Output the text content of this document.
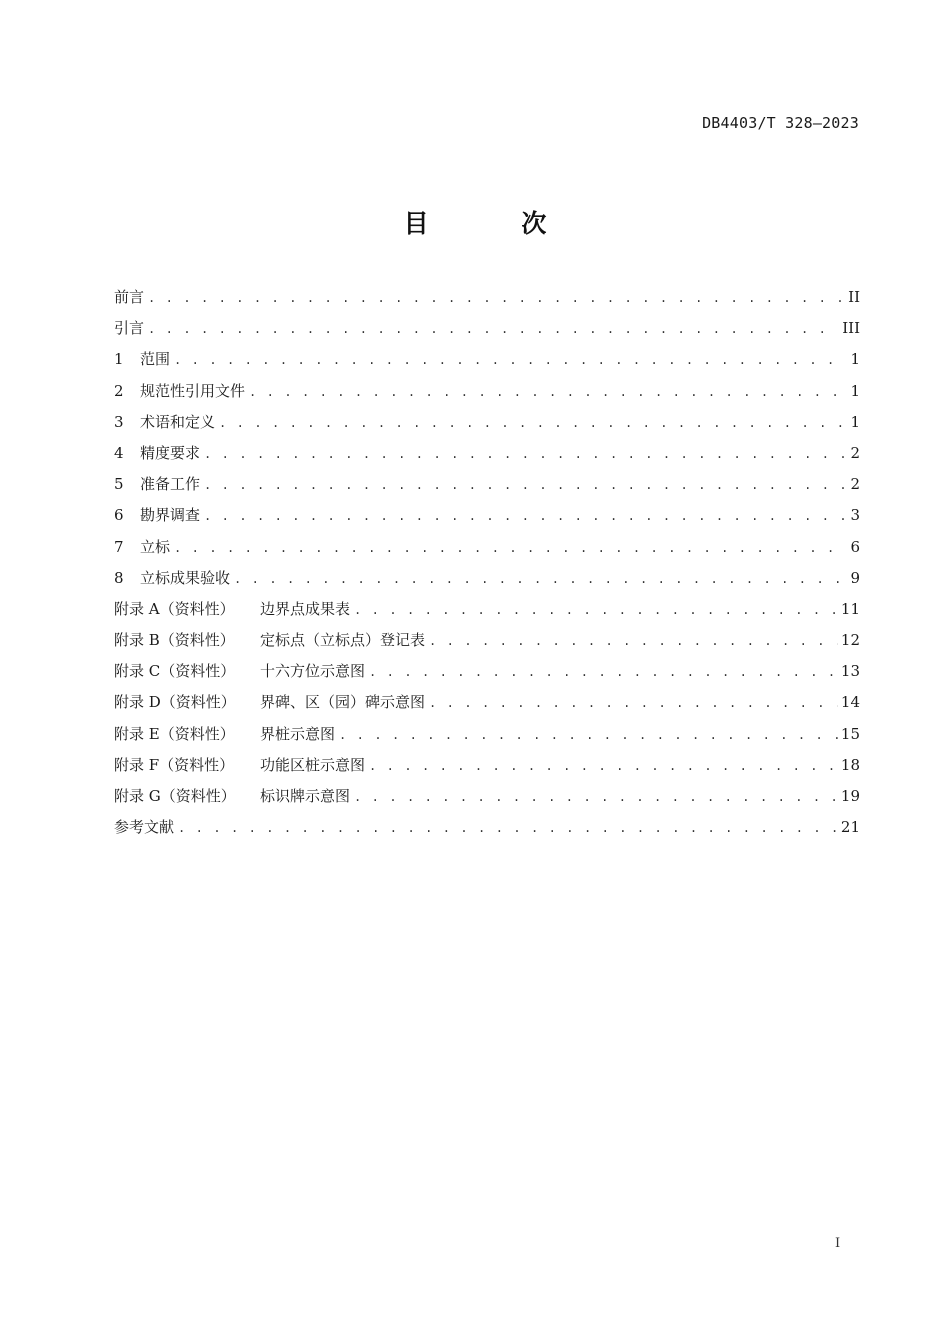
DB4403/T 328—2023
目 次
前言 . . .	II
引言 . . .	III
1	范围 . . .	1
2	规范性引用文件 . . .	1
3	术语和定义 . . .	1
4	精度要求 . . .	2
5	准备工作 . . .	2
6	勘界调查 . . .	3
7	立标 . . .	6
8	立标成果验收 . . .	9
附录 A（资料性）	边界点成果表 . . .	11
附录 B（资料性）	定标点（立标点）登记表 . . .	12
附录 C（资料性）	十六方位示意图 . . .	13
附录 D（资料性）	界碑、区（园）碑示意图 . . .	14
附录 E（资料性）	界桩示意图 . . .	15
附录 F（资料性）	功能区桩示意图 . . .	18
附录 G（资料性）	标识牌示意图 . . .	19
参考文献 . . .	21
I
